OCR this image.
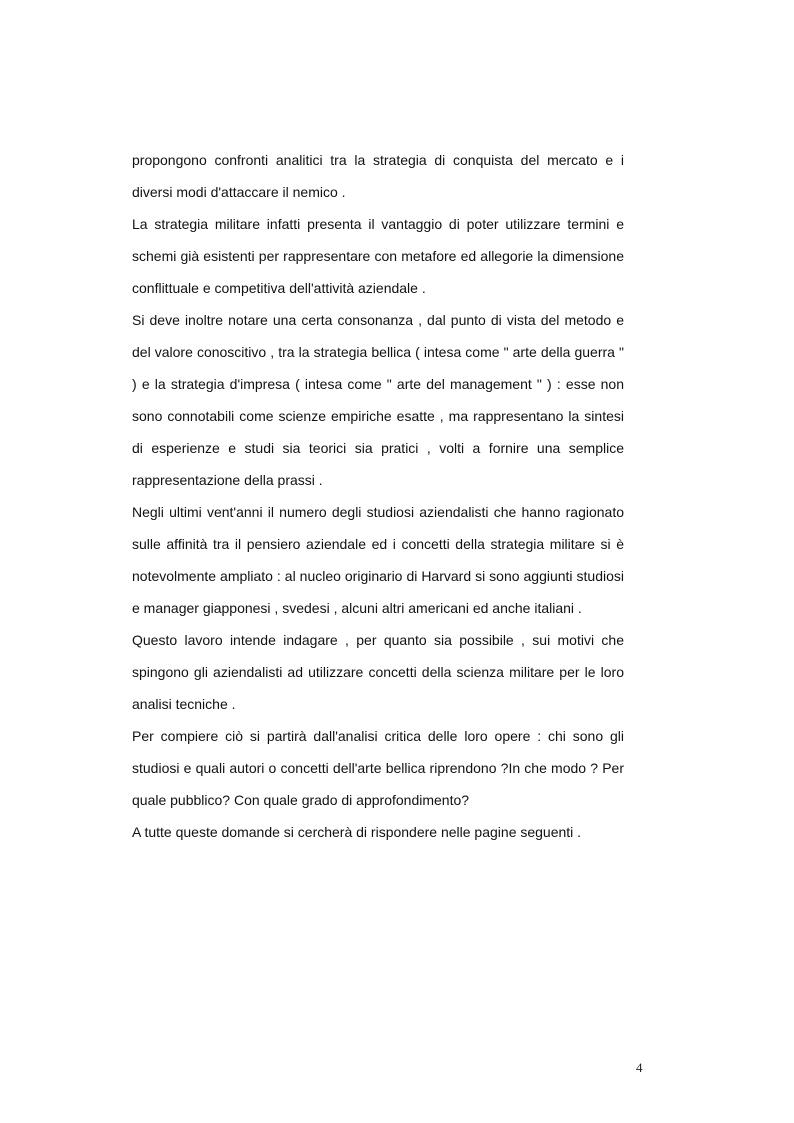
propongono confronti analitici tra la strategia di conquista del mercato e i diversi modi d'attaccare il nemico .

La strategia militare infatti presenta il vantaggio di poter utilizzare termini e schemi già esistenti per rappresentare con metafore ed allegorie la dimensione conflittuale e competitiva dell'attività aziendale .

Si deve inoltre notare una certa consonanza , dal punto di vista del metodo e del valore conoscitivo , tra la strategia bellica ( intesa come " arte della guerra " ) e la strategia d'impresa ( intesa come " arte del management " ) : esse non sono connotabili come scienze empiriche esatte , ma rappresentano la sintesi di esperienze e studi sia teorici sia pratici , volti a fornire una semplice rappresentazione della prassi .

Negli ultimi vent'anni il numero degli studiosi aziendalisti che hanno ragionato sulle affinità tra il pensiero aziendale ed i concetti della strategia militare si è notevolmente ampliato : al nucleo originario di Harvard si sono aggiunti studiosi e manager giapponesi , svedesi , alcuni altri americani ed anche italiani .

Questo lavoro intende indagare , per quanto sia possibile , sui motivi che spingono gli aziendalisti ad utilizzare concetti della scienza militare per le loro analisi tecniche .

Per compiere ciò si partirà dall'analisi critica delle loro opere : chi sono gli studiosi e quali autori o concetti dell'arte bellica riprendono ?In che modo ? Per quale pubblico? Con quale grado di approfondimento?

A tutte queste domande si cercherà di rispondere nelle pagine seguenti .

4
